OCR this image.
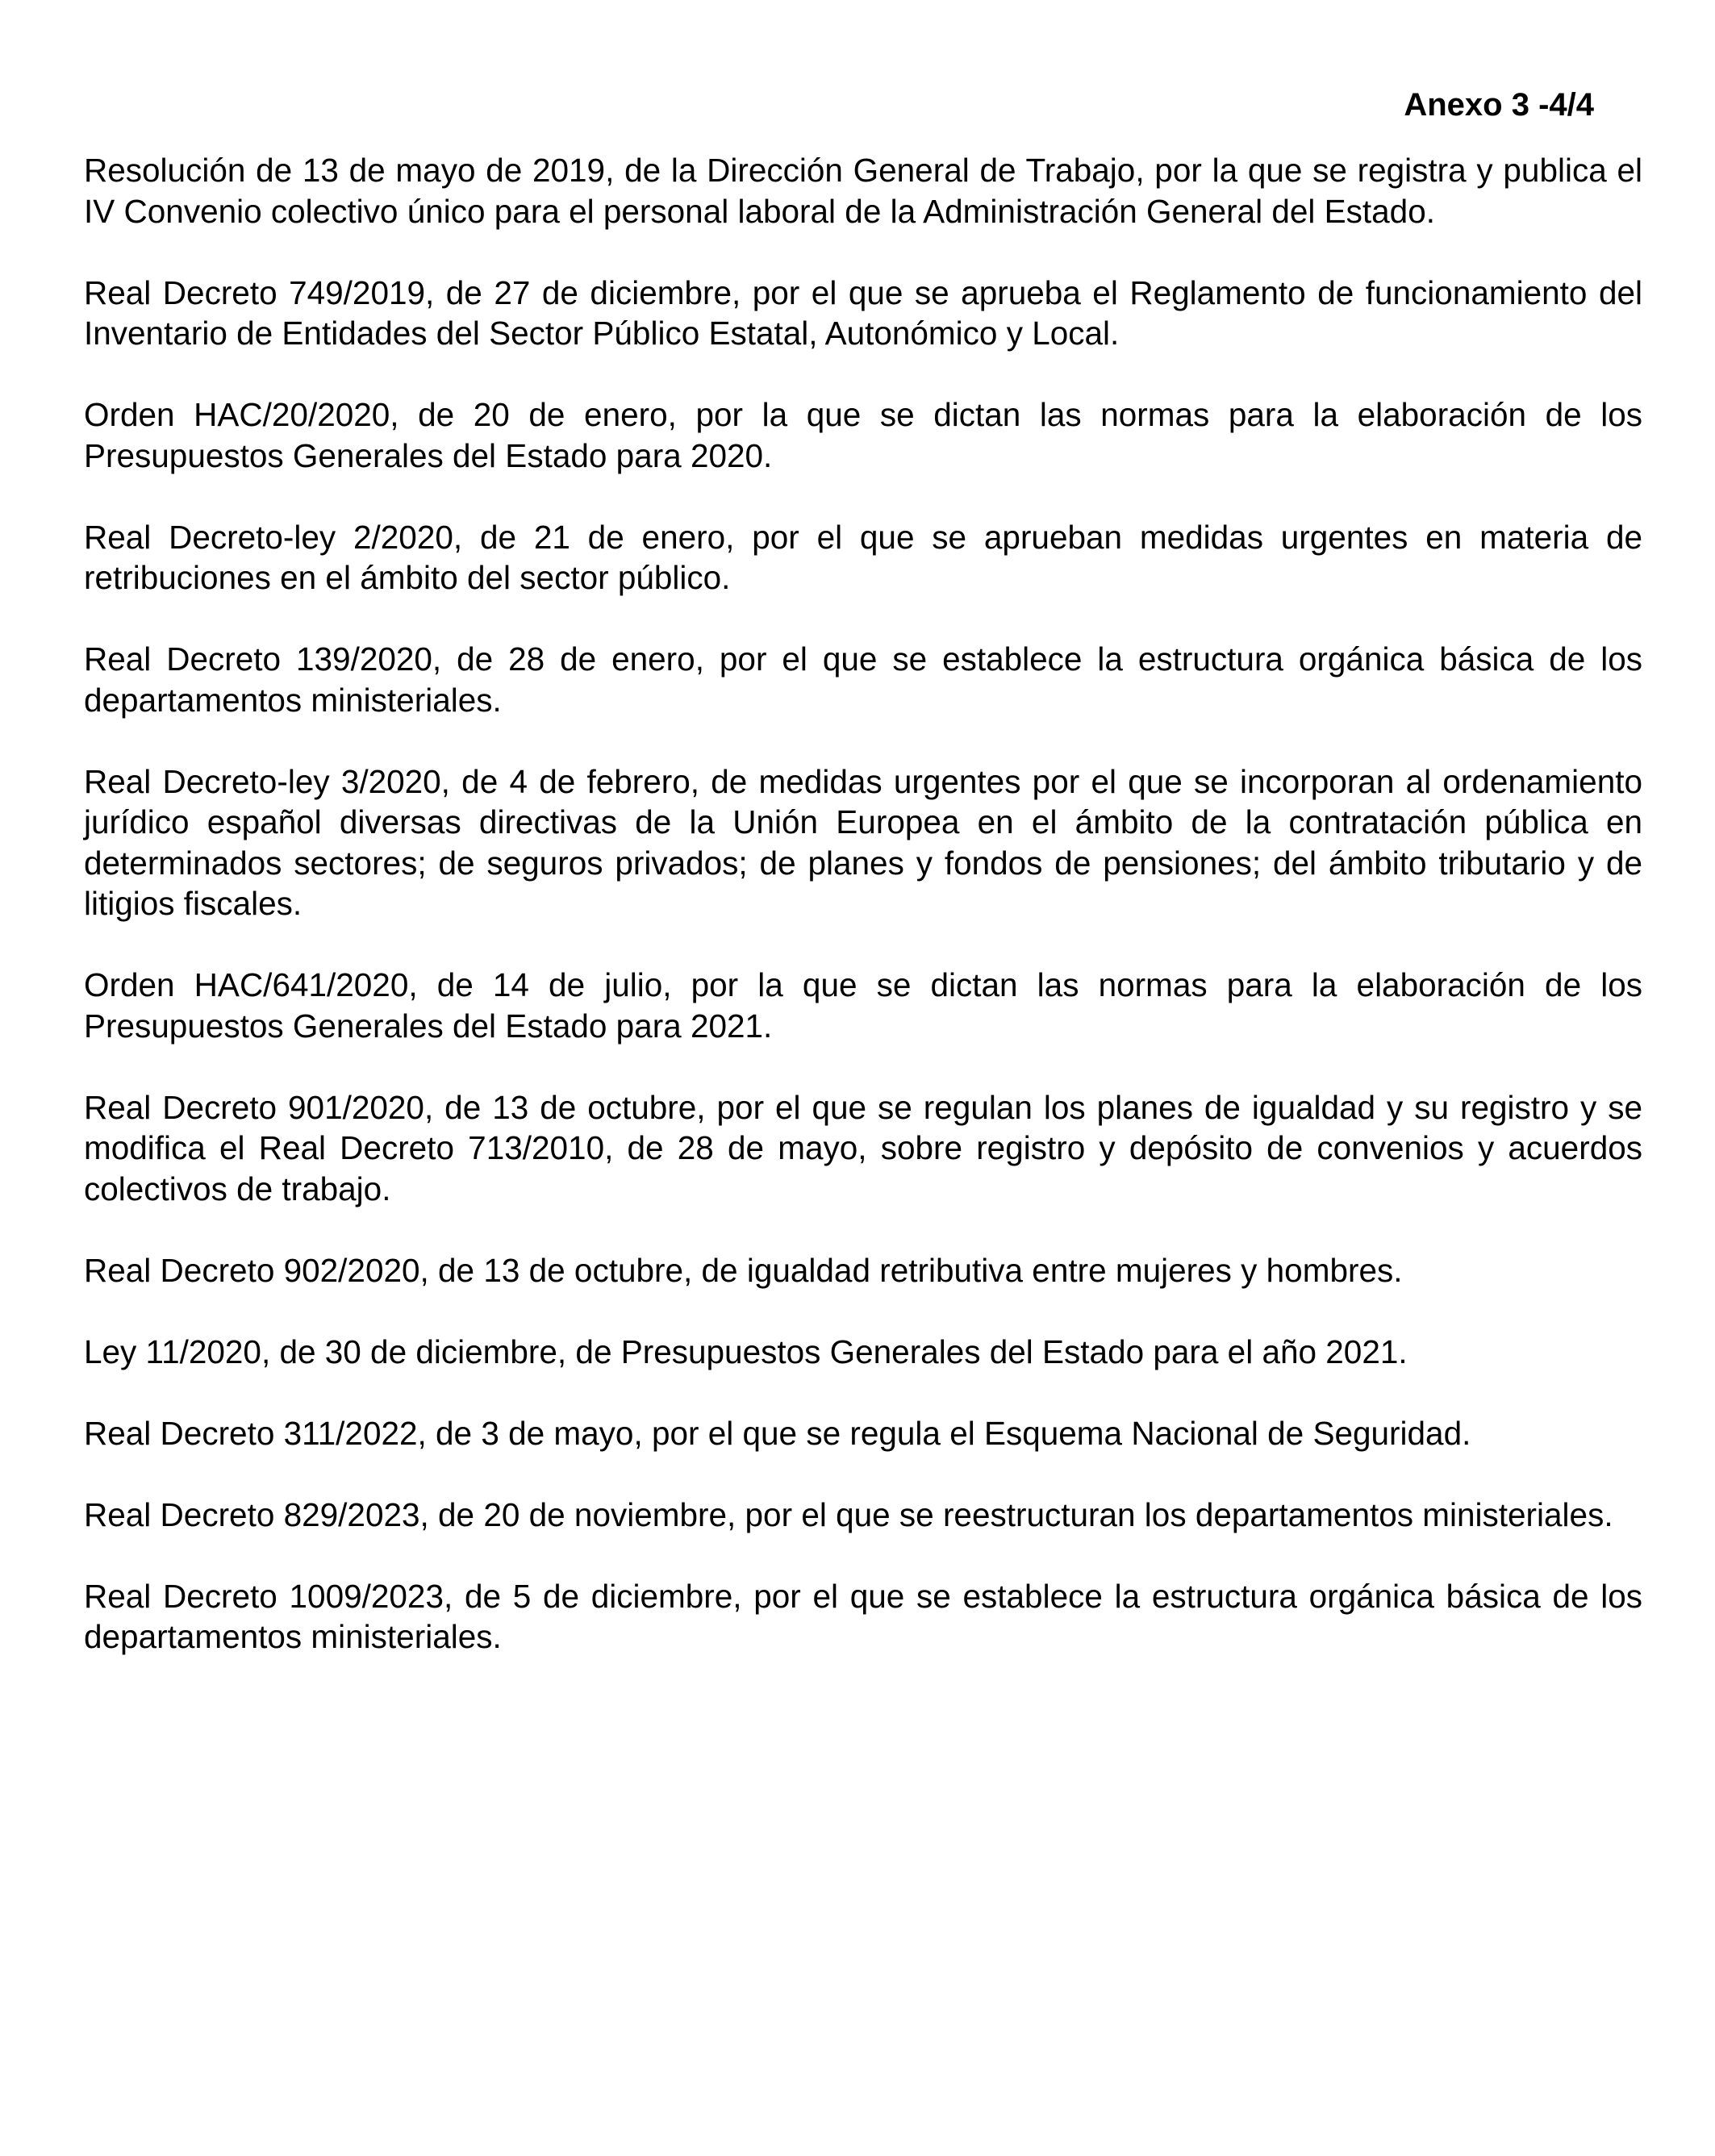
Anexo 3 -4/4

Resolución de 13 de mayo de 2019, de la Dirección General de Trabajo, por la que se registra y publica el IV Convenio colectivo único para el personal laboral de la Administración General del Estado.

Real Decreto 749/2019, de 27 de diciembre, por el que se aprueba el Reglamento de funcionamiento del Inventario de Entidades del Sector Público Estatal, Autonómico y Local.

Orden HAC/20/2020, de 20 de enero, por la que se dictan las normas para la elaboración de los Presupuestos Generales del Estado para 2020.

Real Decreto-ley 2/2020, de 21 de enero, por el que se aprueban medidas urgentes en materia de retribuciones en el ámbito del sector público.

Real Decreto 139/2020, de 28 de enero, por el que se establece la estructura orgánica básica de los departamentos ministeriales.

Real Decreto-ley 3/2020, de 4 de febrero, de medidas urgentes por el que se incorporan al ordenamiento jurídico español diversas directivas de la Unión Europea en el ámbito de la contratación pública en determinados sectores; de seguros privados; de planes y fondos de pensiones; del ámbito tributario y de litigios fiscales.

Orden HAC/641/2020, de 14 de julio, por la que se dictan las normas para la elaboración de los Presupuestos Generales del Estado para 2021.

Real Decreto 901/2020, de 13 de octubre, por el que se regulan los planes de igualdad y su registro y se modifica el Real Decreto 713/2010, de 28 de mayo, sobre registro y depósito de convenios y acuerdos colectivos de trabajo.

Real Decreto 902/2020, de 13 de octubre, de igualdad retributiva entre mujeres y hombres.

Ley 11/2020, de 30 de diciembre, de Presupuestos Generales del Estado para el año 2021.

Real Decreto 311/2022, de 3 de mayo, por el que se regula el Esquema Nacional de Seguridad.

Real Decreto 829/2023, de 20 de noviembre, por el que se reestructuran los departamentos ministeriales.

Real Decreto 1009/2023, de 5 de diciembre, por el que se establece la estructura orgánica básica de los departamentos ministeriales.
